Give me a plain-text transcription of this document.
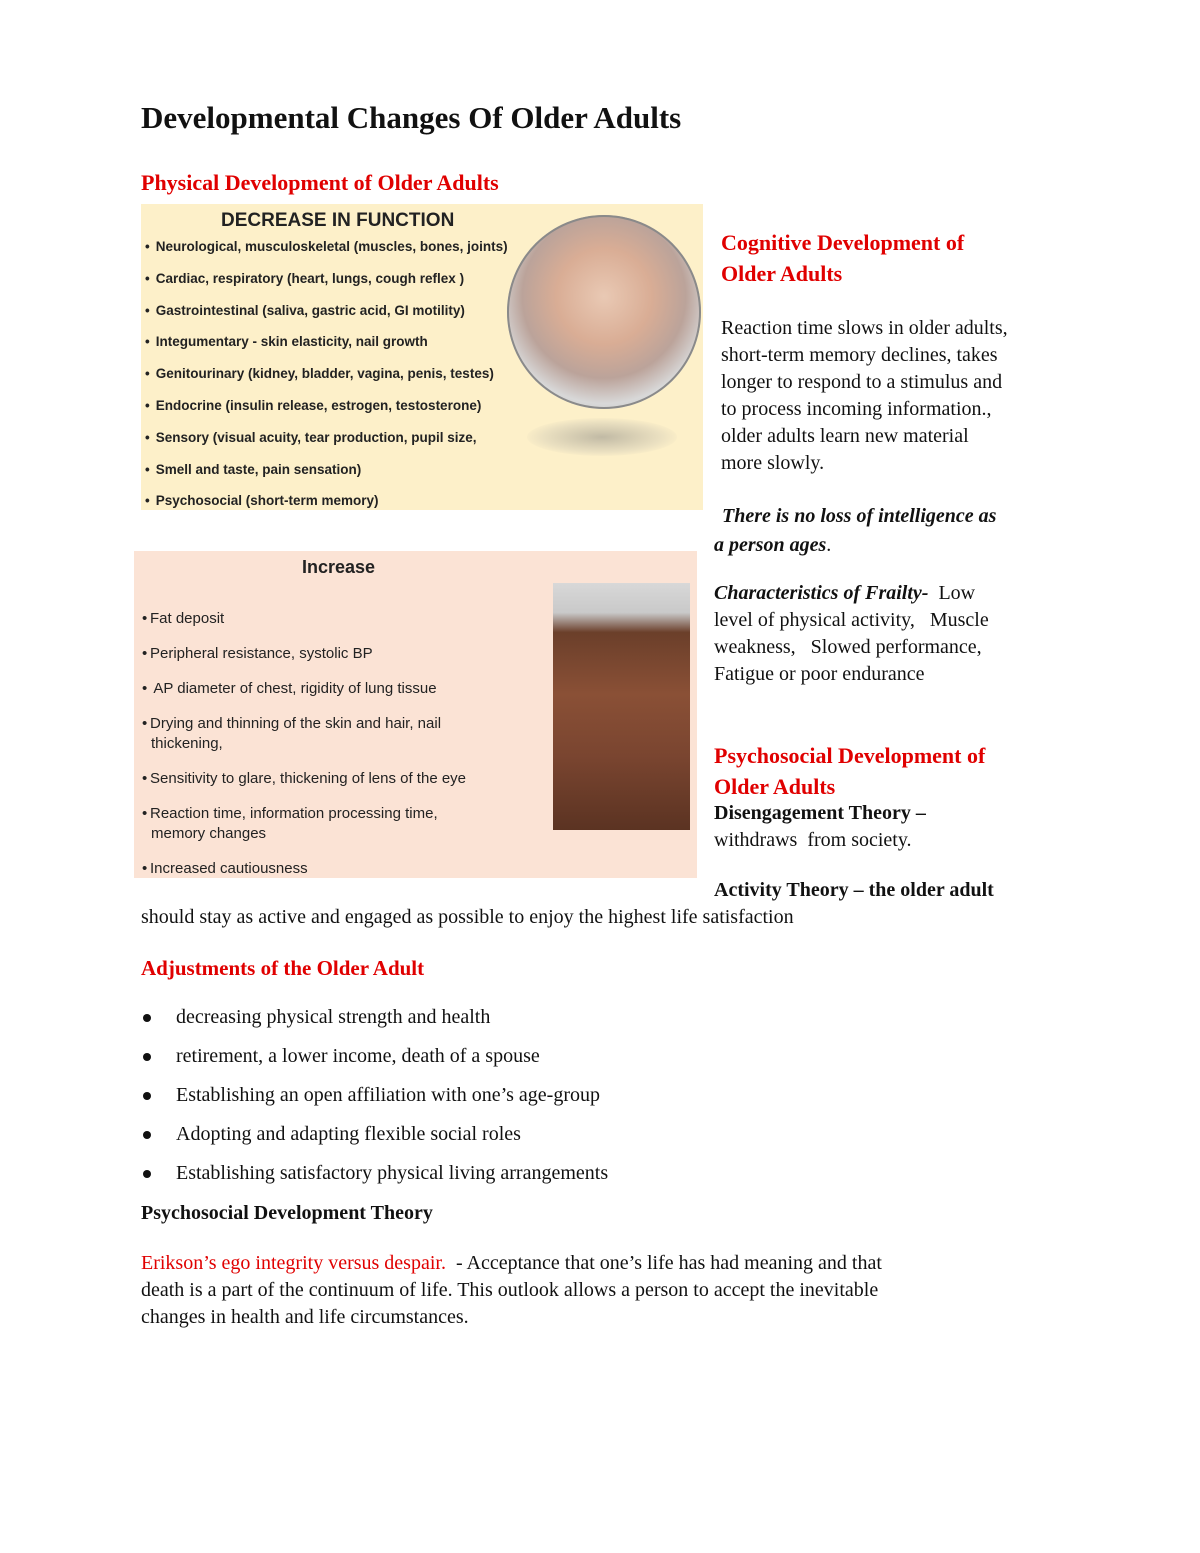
Developmental Changes Of Older Adults

Physical Development of Older Adults

DECREASE IN FUNCTION
• Neurological, musculoskeletal (muscles, bones, joints)
• Cardiac, respiratory (heart, lungs, cough reflex )
• Gastrointestinal (saliva, gastric acid, GI motility)
• Integumentary - skin elasticity, nail growth
• Genitourinary (kidney, bladder, vagina, penis, testes)
• Endocrine (insulin release, estrogen, testosterone)
• Sensory (visual acuity, tear production, pupil size,
• Smell and taste, pain sensation)
• Psychosocial (short-term memory)
Increase
• Fat deposit
• Peripheral resistance, systolic BP
• AP diameter of chest, rigidity of lung tissue
• Drying and thinning of the skin and hair, nail
thickening,
• Sensitivity to glare, thickening of lens of the eye
• Reaction time, information processing time,
memory changes
• Increased cautiousness

Cognitive Development of
Older Adults

Reaction time slows in older adults,
short-term memory declines, takes
longer to respond to a stimulus and
to process incoming information.,
older adults learn new material
more slowly.

There is no loss of intelligence as
a person ages.

Characteristics of Frailty-  Low
level of physical activity,   Muscle
weakness,   Slowed performance,
Fatigue or poor endurance

Psychosocial Development of
Older Adults

Disengagement Theory –
withdraws  from society.

Activity Theory – the older adult

should stay as active and engaged as possible to enjoy the highest life satisfaction

Adjustments of the Older Adult

decreasing physical strength and health
retirement, a lower income, death of a spouse
Establishing an open affiliation with one’s age-group
Adopting and adapting flexible social roles
Establishing satisfactory physical living arrangements

Psychosocial Development Theory

Erikson’s ego integrity versus despair.  - Acceptance that one’s life has had meaning and that
death is a part of the continuum of life. This outlook allows a person to accept the inevitable
changes in health and life circumstances.
